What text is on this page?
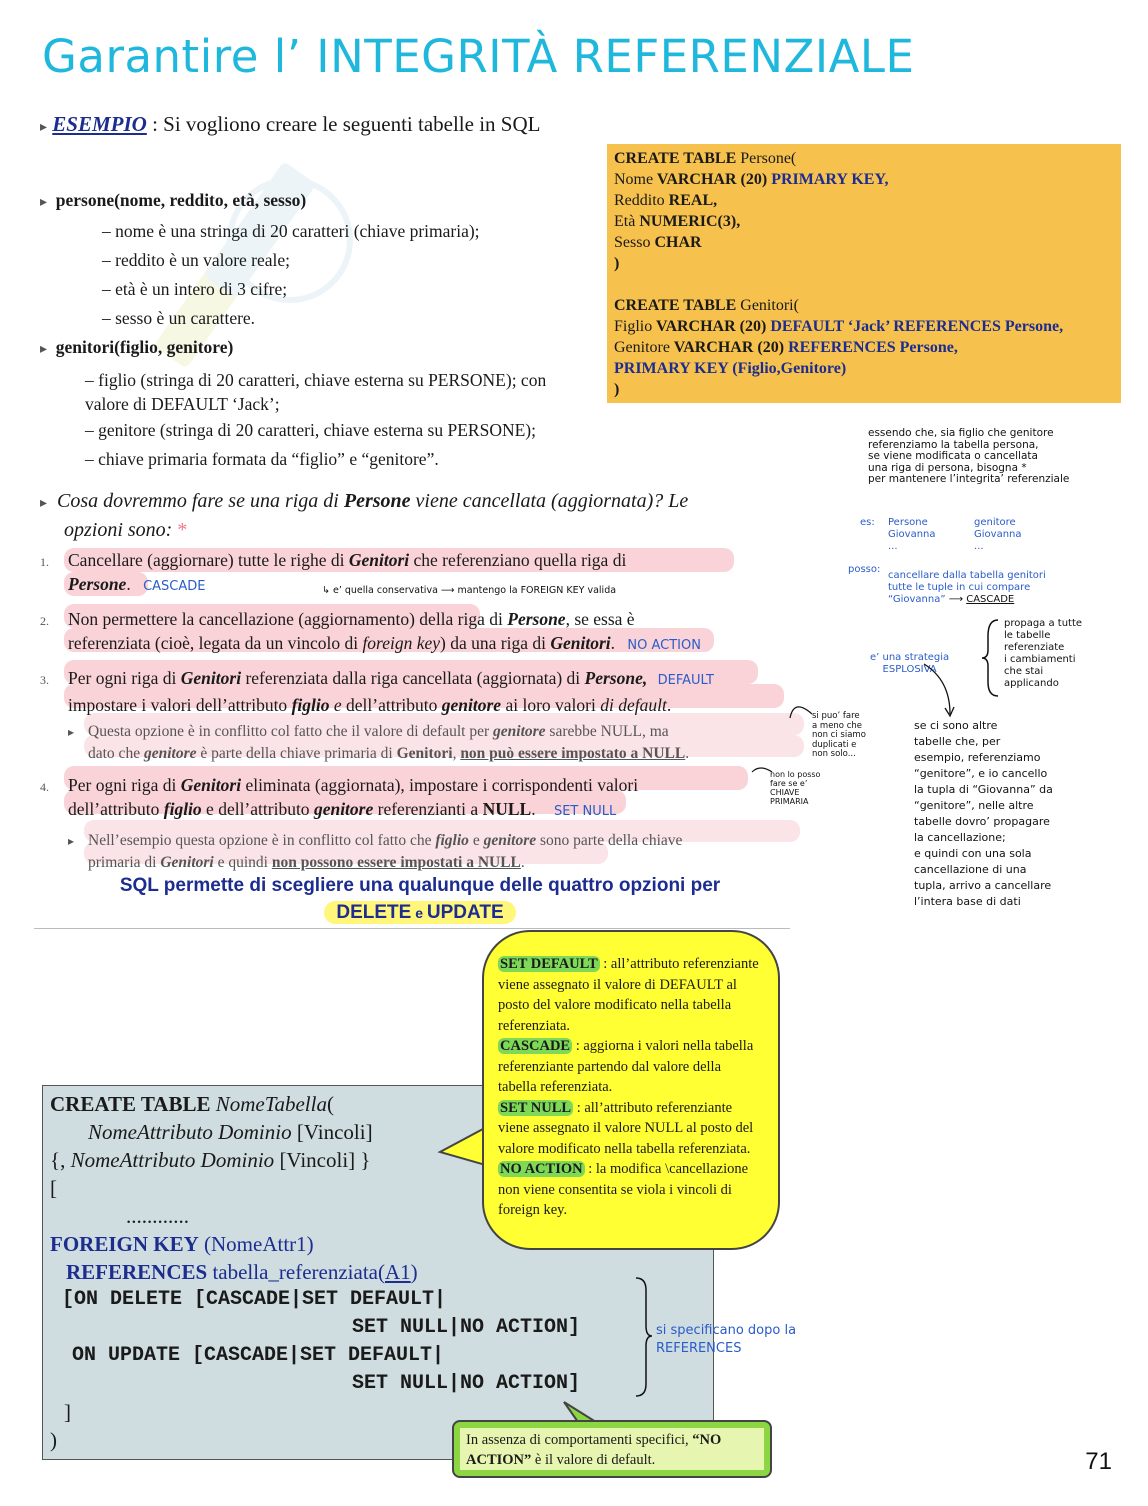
Garantire l’ INTEGRITÀ REFERENZIALE
▸ ESEMPIO : Si vogliono creare le seguenti tabelle in SQL
CREATE TABLE Persone(
Nome VARCHAR (20) PRIMARY KEY,
Reddito REAL,
Età NUMERIC(3),
Sesso CHAR
)
CREATE TABLE Genitori(
Figlio VARCHAR (20) DEFAULT ‘Jack’ REFERENCES Persone,
Genitore VARCHAR (20) REFERENCES Persone,
PRIMARY KEY (Figlio,Genitore)
)
▸ persone(nome, reddito, età, sesso)
– nome è una stringa di 20 caratteri (chiave primaria);
– reddito è un valore reale;
– età è un intero di 3 cifre;
– sesso è un carattere.
▸ genitori(figlio, genitore)
– figlio (stringa di 20 caratteri, chiave esterna su PERSONE); con
valore di DEFAULT ‘Jack’;
– genitore (stringa di 20 caratteri, chiave esterna su PERSONE);
– chiave primaria formata da “figlio” e “genitore”.
▸ Cosa dovremmo fare se una riga di Persone viene cancellata (aggiornata)? Le
opzioni sono: *
1. Cancellare (aggiornare) tutte le righe di Genitori che referenziano quella riga di
Persone. CASCADE
2. Non permettere la cancellazione (aggiornamento) della riga di Persone, se essa è
referenziata (cioè, legata da un vincolo di foreign key) da una riga di Genitori. NO ACTION
3. Per ogni riga di Genitori referenziata dalla riga cancellata (aggiornata) di Persone, DEFAULT
impostare i valori dell’attributo figlio e dell’attributo genitore ai loro valori di default.
▸ Questa opzione è in conflitto col fatto che il valore di default per genitore sarebbe NULL, ma
dato che genitore è parte della chiave primaria di Genitori, non può essere impostato a NULL.
4. Per ogni riga di Genitori eliminata (aggiornata), impostare i corrispondenti valori
dell’attributo figlio e dell’attributo genitore referenzianti a NULL. SET NULL
▸ Nell’esempio questa opzione è in conflitto col fatto che figlio e genitore sono parte della chiave
primaria di Genitori e quindi non possono essere impostati a NULL.
SQL permette di scegliere una qualunque delle quattro opzioni per
DELETE e UPDATE
essendo che, sia figlio che genitore
referenziamo la tabella persona,
se viene modificata o cancellata
una riga di persona, bisogna *
per mantenere l’integrita’ referenziale
es: Persone
Giovanna
...
genitore
Giovanna
...
posso:
cancellare dalla tabella genitori
tutte le tuple in cui compare
“Giovanna” ⟶ CASCADE
propaga a tutte
le tabelle
referenziate
i cambiamenti
che stai
applicando
e’ una strategia
ESPLOSIVA
se ci sono altre
tabelle che, per
esempio, referenziamo
“genitore”, e io cancello
la tupla di “Giovanna” da
“genitore”, nelle altre
tabelle dovro’ propagare
la cancellazione;
e quindi con una sola
cancellazione di una
tupla, arrivo a cancellare
l’intera base di dati
↳ e’ quella conservativa ⟶ mantengo la FOREIGN KEY valida
si puo’ fare
a meno che
non ci siamo
duplicati e
non solo...
non lo posso
fare se e’
CHIAVE
PRIMARIA
CREATE TABLE NomeTabella(
NomeAttributo Dominio [Vincoli]
{, NomeAttributo Dominio [Vincoli] }
[
............
FOREIGN KEY (NomeAttr1)
REFERENCES tabella_referenziata(A1)
[ON DELETE [CASCADE|SET DEFAULT|
SET NULL|NO ACTION]
ON UPDATE [CASCADE|SET DEFAULT|
SET NULL|NO ACTION]
]
)
si specificano dopo la
REFERENCES
SET DEFAULT : all’attributo referenziante viene assegnato il valore di DEFAULT al posto del valore modificato nella tabella referenziata.
CASCADE : aggiorna i valori nella tabella referenziante partendo dal valore della tabella referenziata.
SET NULL : all’attributo referenziante viene assegnato il valore NULL al posto del valore modificato nella tabella referenziata.
NO ACTION : la modifica \cancellazione non viene consentita se viola i vincoli di foreign key.
In assenza di comportamenti specifici, “NO ACTION” è il valore di default.	71
